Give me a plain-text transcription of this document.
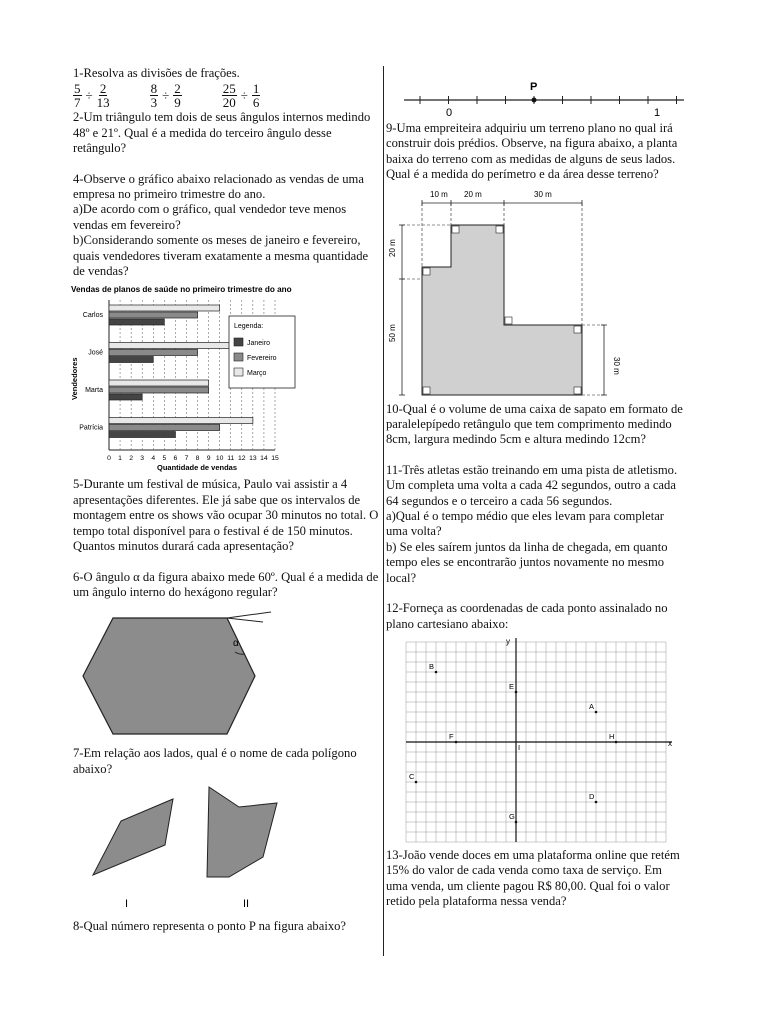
1-Resolva as divisões de frações.

$\frac{5}{7} \div \frac{2}{13}$	$\frac{8}{3} \div \frac{2}{9}$	$\frac{25}{20} \div \frac{1}{6}$

2-Um triângulo tem dois de seus ângulos internos medindo 48º e 21º. Qual é a medida do terceiro ângulo desse retângulo?

4-Observe o gráfico abaixo relacionado as vendas de uma empresa no primeiro trimestre do ano.

a)De acordo com o gráfico, qual vendedor teve menos vendas em fevereiro?

b)Considerando somente os meses de janeiro e fevereiro, quais vendedores tiveram exatamente a mesma quantidade de vendas?

Vendas de planos de saúde no primeiro trimestre do ano
Vendedores
Quantidade de vendas
Legenda:
Janeiro
Fevereiro
Março
Carlos
José
Marta
Patrícia
0 1 2 3 4 5 6 7 8 9 10 11 12 13 14 15

5-Durante um festival de música, Paulo vai assistir a 4 apresentações diferentes. Ele já sabe que os intervalos de montagem entre os shows vão ocupar 30 minutos no total. O tempo total disponível para o festival é de 150 minutos. Quantos minutos durará cada apresentação?

6-O ângulo α da figura abaixo mede 60º. Qual é a medida de um ângulo interno do hexágono regular?

α

7-Em relação aos lados, qual é o nome de cada polígono abaixo?

I	II

8-Qual número representa o ponto P na figura abaixo?

P
0	1

9-Uma empreiteira adquiriu um terreno plano no qual irá construir dois prédios. Observe, na figura abaixo, a planta baixa do terreno com as medidas de alguns de seus lados. Qual é a medida do perímetro e da área desse terreno?

10 m 20 m	30 m
20 m
50 m
30 m

10-Qual é o volume de uma caixa de sapato em formato de paralelepípedo retângulo que tem comprimento medindo 8cm, largura medindo 5cm e altura medindo 12cm?

11-Três atletas estão treinando em uma pista de atletismo. Um completa uma volta a cada 42 segundos, outro a cada 64 segundos e o terceiro a cada 56 segundos.

a)Qual é o tempo médio que eles levam para completar uma volta?

b) Se eles saírem juntos da linha de chegada, em quanto tempo eles se encontrarão juntos novamente no mesmo local?

12-Forneça as coordenadas de cada ponto assinalado no plano cartesiano abaixo:

x
y
B
E
A
F	H
I
C
D
G

13-João vende doces em uma plataforma online que retém 15% do valor de cada venda como taxa de serviço. Em uma venda, um cliente pagou R$ 80,00. Qual foi o valor retido pela plataforma nessa venda?
